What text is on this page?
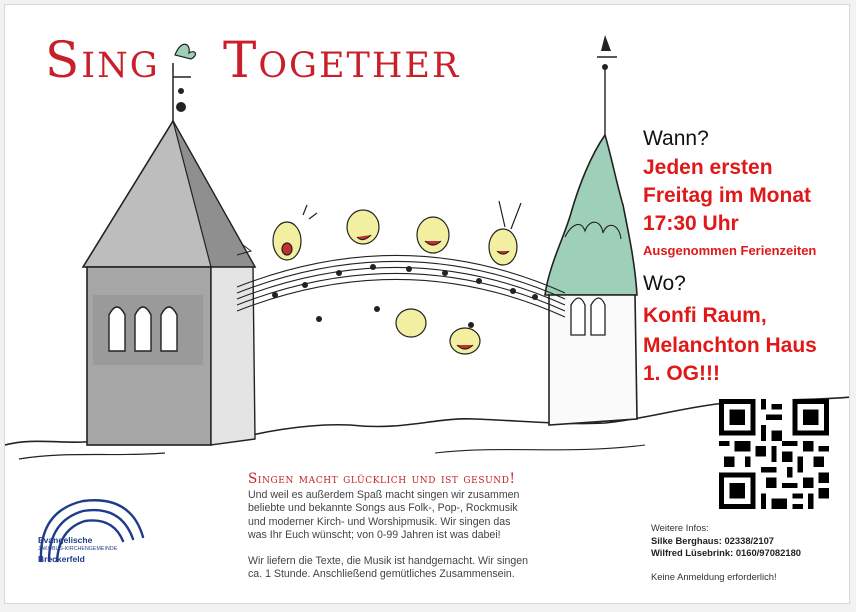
Sing Together
Wann?
Jeden ersten
Freitag im Monat
17:30 Uhr
Ausgenommen Ferienzeiten
Wo?
Konfi Raum,
Melanchton Haus
1. OG!!!
Singen macht glücklich und ist gesund!
Und weil es außerdem Spaß macht singen wir zusammen
beliebte und bekannte Songs aus Folk-, Pop-, Rockmusik
und moderner Kirch- und Worshipmusik. Wir singen das
was Ihr Euch wünscht; von 0-99 Jahren ist was dabei!
Wir liefern die Texte, die Musik ist handgemacht. Wir singen
ca. 1 Stunde. Anschließend gemütliches Zusammensein.
Weitere Infos:
Silke Berghaus: 02338/2107
Wilfred Lüsebrink: 0160/97082180
Keine Anmeldung erforderlich!
Evangelische
JAKOBUS-KIRCHENGEMEINDE
Breckerfeld
